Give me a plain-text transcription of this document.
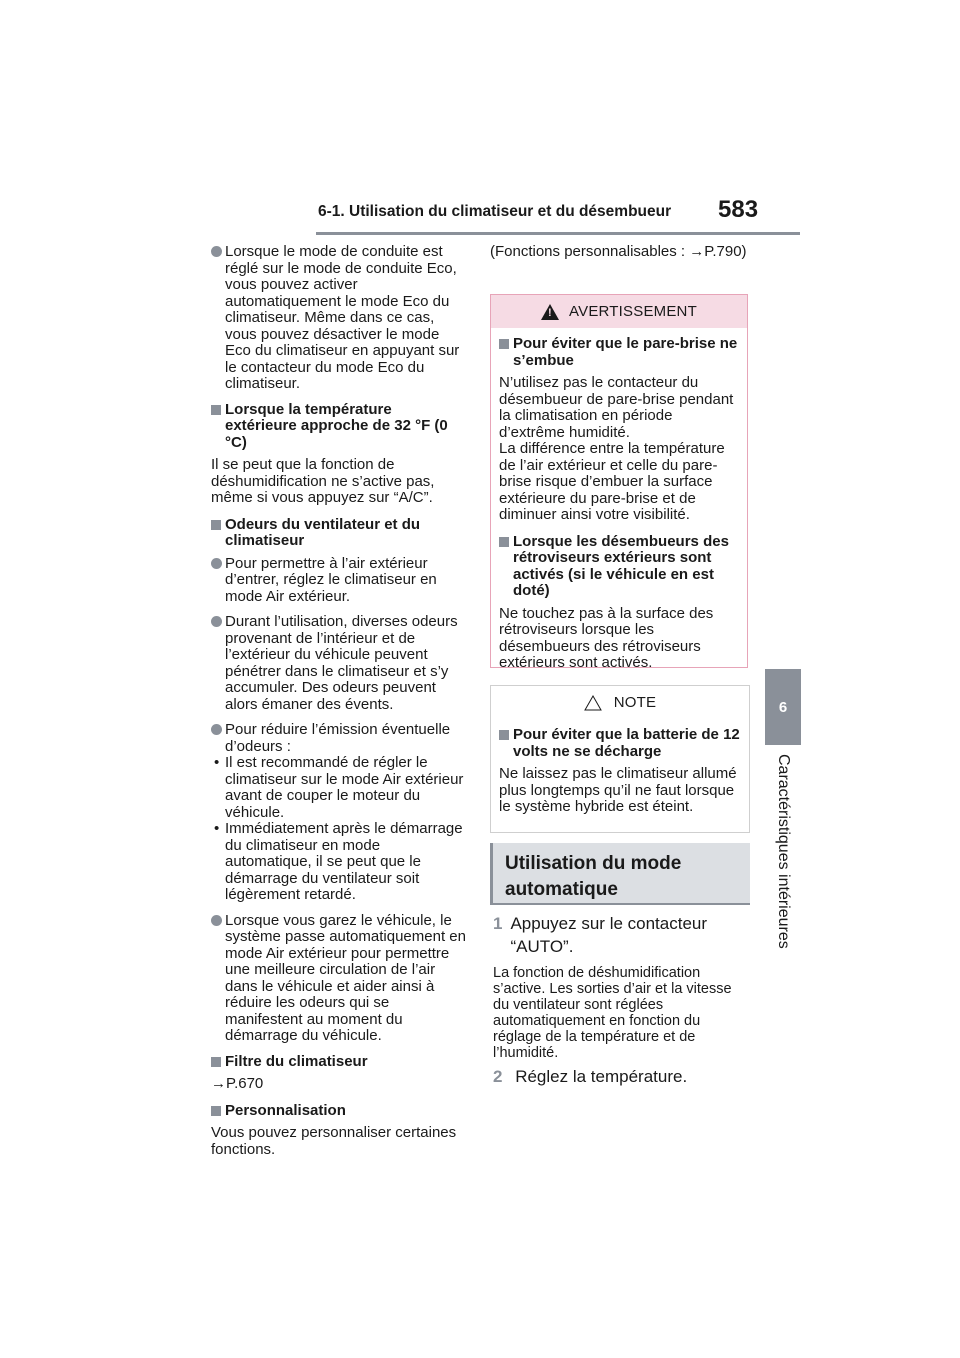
6-1. Utilisation du climatiseur et du désembueur 583
6
Caractéristiques intérieures
Lorsque le mode de conduite est réglé sur le mode de conduite Eco, vous pouvez activer automatiquement le mode Eco du climatiseur. Même dans ce cas, vous pouvez désactiver le mode Eco du climatiseur en appuyant sur le contacteur du mode Eco du climatiseur.
Lorsque la température extérieure approche de 32 °F (0 °C)
Il se peut que la fonction de déshumidification ne s’active pas, même si vous appuyez sur “A/C”.
Odeurs du ventilateur et du climatiseur
Pour permettre à l’air extérieur d’entrer, réglez le climatiseur en mode Air extérieur.
Durant l’utilisation, diverses odeurs provenant de l’intérieur et de l’extérieur du véhicule peuvent pénétrer dans le climatiseur et s’y accumuler. Des odeurs peuvent alors émaner des évents.
Pour réduire l’émission éventuelle d’odeurs :
• Il est recommandé de régler le climatiseur sur le mode Air extérieur avant de couper le moteur du véhicule.
• Immédiatement après le démarrage du climatiseur en mode automatique, il se peut que le démarrage du ventilateur soit légèrement retardé.
Lorsque vous garez le véhicule, le système passe automatiquement en mode Air extérieur pour permettre une meilleure circulation de l’air dans le véhicule et aider ainsi à réduire les odeurs qui se manifestent au moment du démarrage du véhicule.
Filtre du climatiseur
→P.670
Personnalisation
Vous pouvez personnaliser certaines fonctions.
(Fonctions personnalisables : →P.790)
! AVERTISSEMENT
Pour éviter que le pare-brise ne s’embue
N’utilisez pas le contacteur du désembueur de pare-brise pendant la climatisation en période d’extrême humidité.
La différence entre la température de l’air extérieur et celle du pare-brise risque d’embuer la surface extérieure du pare-brise et de diminuer ainsi votre visibilité.
Lorsque les désembueurs des rétroviseurs extérieurs sont activés (si le véhicule en est doté)
Ne touchez pas à la surface des rétroviseurs lorsque les désembueurs des rétroviseurs extérieurs sont activés.
NOTE
Pour éviter que la batterie de 12 volts ne se décharge
Ne laissez pas le climatiseur allumé plus longtemps qu’il ne faut lorsque le système hybride est éteint.
Utilisation du mode automatique
1 Appuyez sur le contacteur “AUTO”.
La fonction de déshumidification s’active. Les sorties d’air et la vitesse du ventilateur sont réglées automatiquement en fonction du réglage de la température et de l’humidité.
2 Réglez la température.
